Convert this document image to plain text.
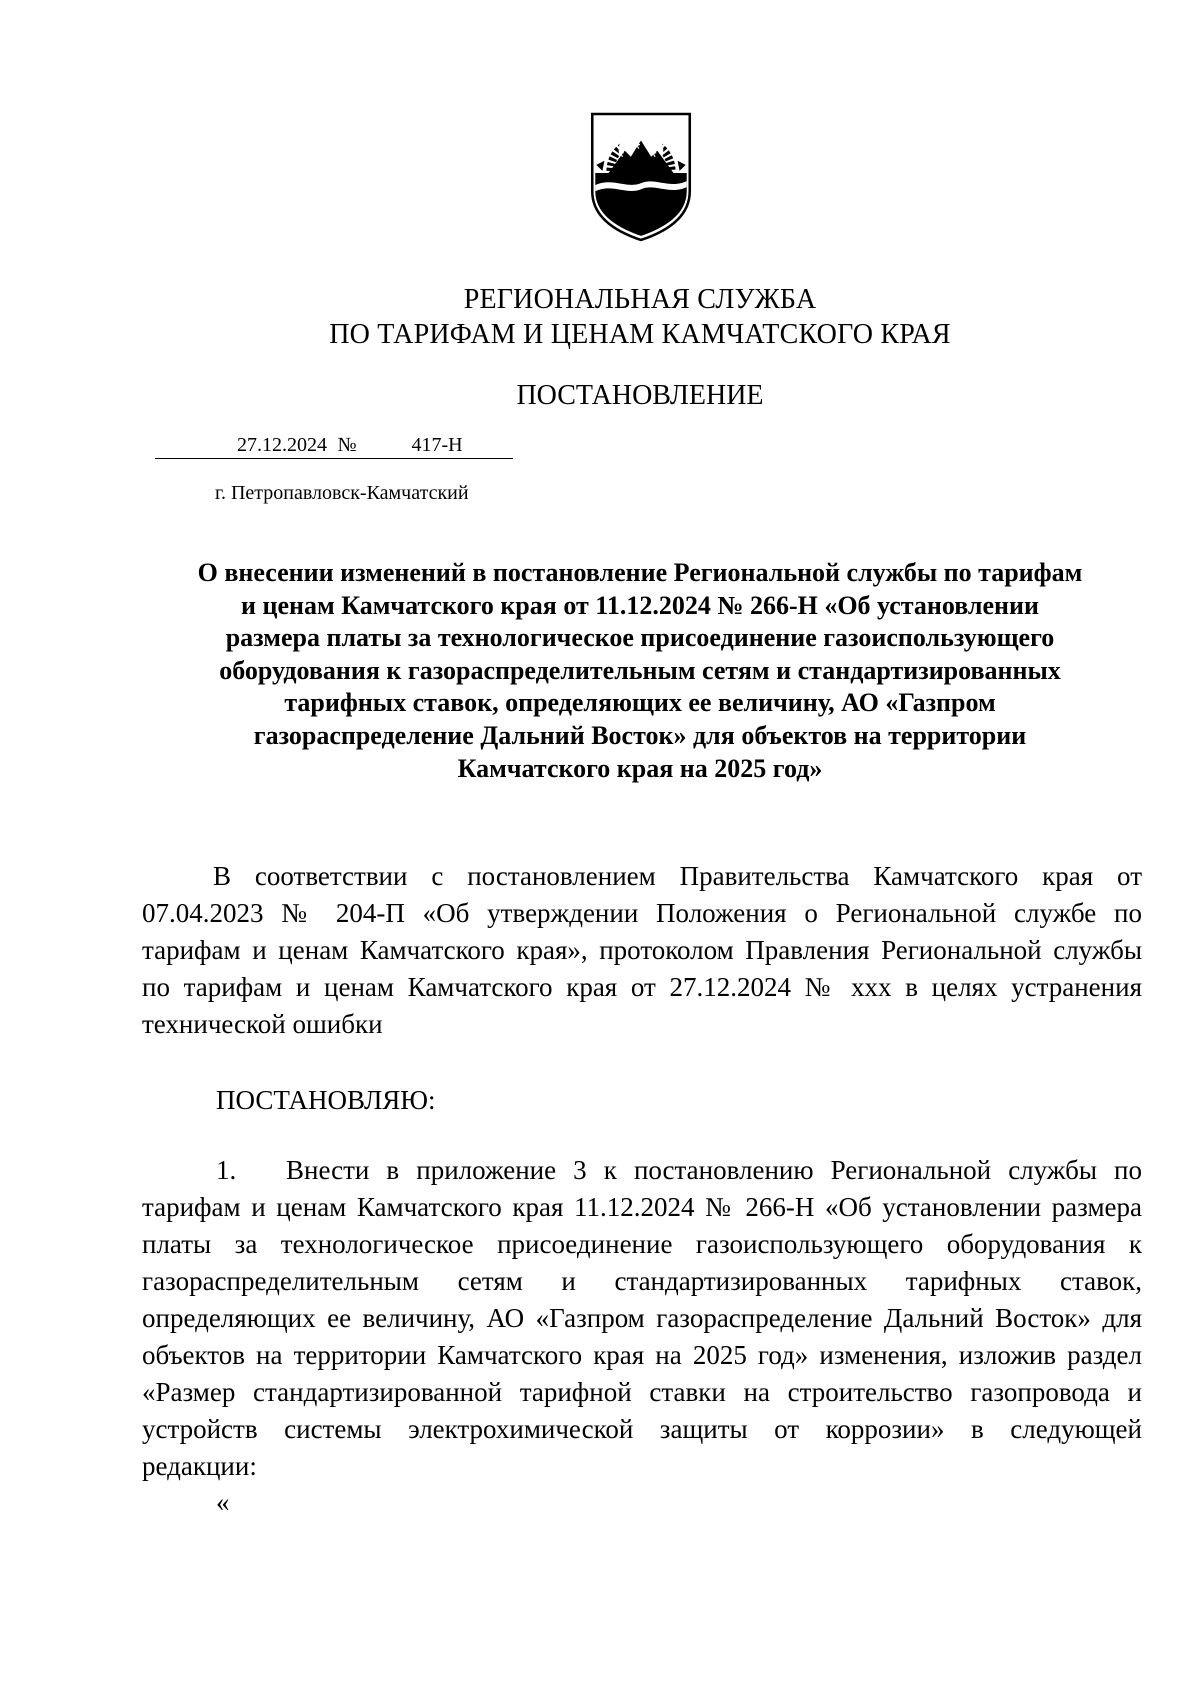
РЕГИОНАЛЬНАЯ СЛУЖБА
ПО ТАРИФАМ И ЦЕНАМ КАМЧАТСКОГО КРАЯ
ПОСТАНОВЛЕНИЕ
27.12.2024 №	417-Н
г. Петропавловск-Камчатский
О внесении изменений в постановление Региональной службы по тарифам
и ценам Камчатского края от 11.12.2024 № 266-Н «Об установлении
размера платы за технологическое присоединение газоиспользующего
оборудования к газораспределительным сетям и стандартизированных
тарифных ставок, определяющих ее величину, АО «Газпром
газораспределение Дальний Восток» для объектов на территории
Камчатского края на 2025 год»
В соответствии с постановлением Правительства Камчатского края от
07.04.2023 № 204-П «Об утверждении Положения о Региональной службе по
тарифам и ценам Камчатского края», протоколом Правления Региональной службы
по тарифам и ценам Камчатского края от 27.12.2024 № ххх в целях устранения
технической ошибки
ПОСТАНОВЛЯЮ:
1. Внести в приложение 3 к постановлению Региональной службы по
тарифам и ценам Камчатского края 11.12.2024 № 266-Н «Об установлении размера
платы за технологическое присоединение газоиспользующего оборудования к
газораспределительным сетям и стандартизированных тарифных ставок,
определяющих ее величину, АО «Газпром газораспределение Дальний Восток» для
объектов на территории Камчатского края на 2025 год» изменения, изложив раздел
«Размер стандартизированной тарифной ставки на строительство газопровода и
устройств системы электрохимической защиты от коррозии» в следующей
редакции:
«
